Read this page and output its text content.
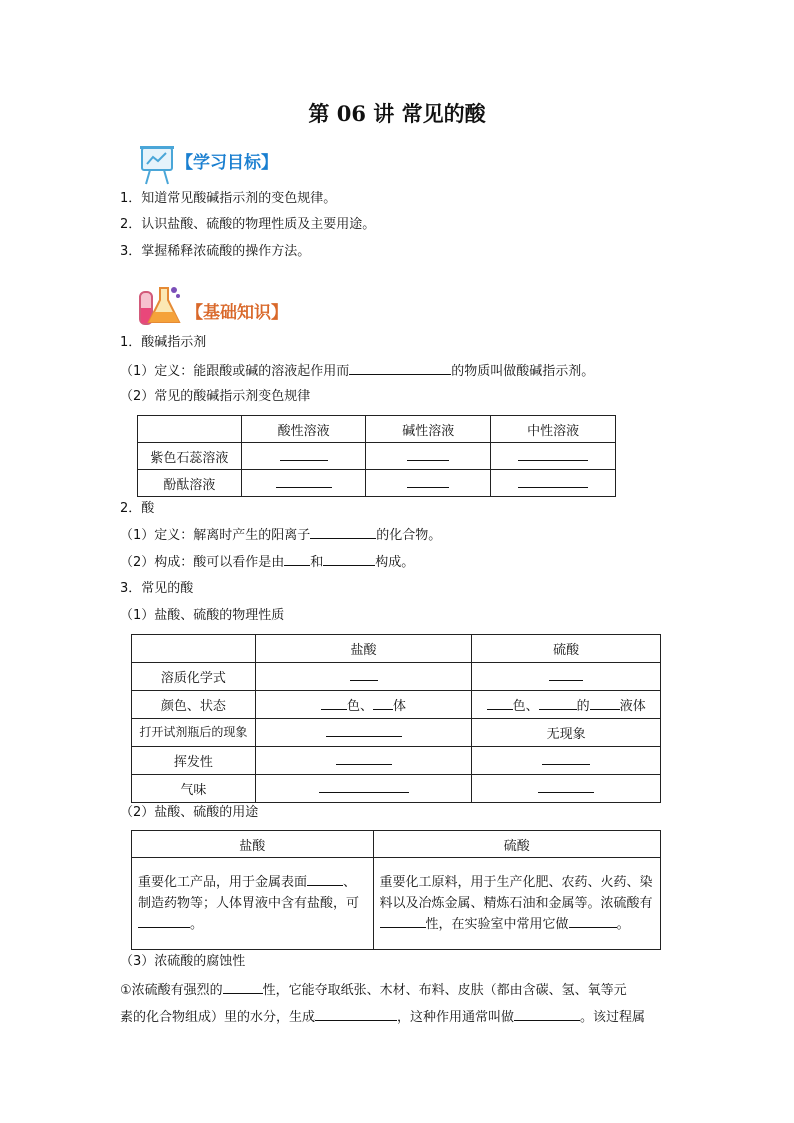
第 06 讲 常见的酸
【学习目标】
1．知道常见酸碱指示剂的变色规律。
2．认识盐酸、硫酸的物理性质及主要用途。
3．掌握稀释浓硫酸的操作方法。
【基础知识】
1．酸碱指示剂
（1）定义：能跟酸或碱的溶液起作用而	的物质叫做酸碱指示剂。
（2）常见的酸碱指示剂变色规律
	酸性溶液	碱性溶液	中性溶液
紫色石蕊溶液			
酚酞溶液			
2．酸
（1）定义：解离时产生的阳离子	的化合物。
（2）构成：酸可以看作是由 和	构成。
3．常见的酸
（1）盐酸、硫酸的物理性质
	盐酸	硫酸
溶质化学式		
颜色、状态	色、 体	色、 的 液体
打开试剂瓶后的现象		无现象
挥发性		
气味		
（2）盐酸、硫酸的用途
盐酸	硫酸
重要化工产品，用于金属表面 、制造药物等；人体胃液中含有盐酸，可。	重要化工原料，用于生产化肥、农药、火药、染料以及冶炼金属、精炼石油和金属等。浓硫酸有性，在实验室中常用它做 。
（3）浓硫酸的腐蚀性
①浓硫酸有强烈的	性，它能夺取纸张、木材、布料、皮肤（都由含碳、氢、氧等元
素的化合物组成）里的水分，生成	，这种作用通常叫做	。该过程属
